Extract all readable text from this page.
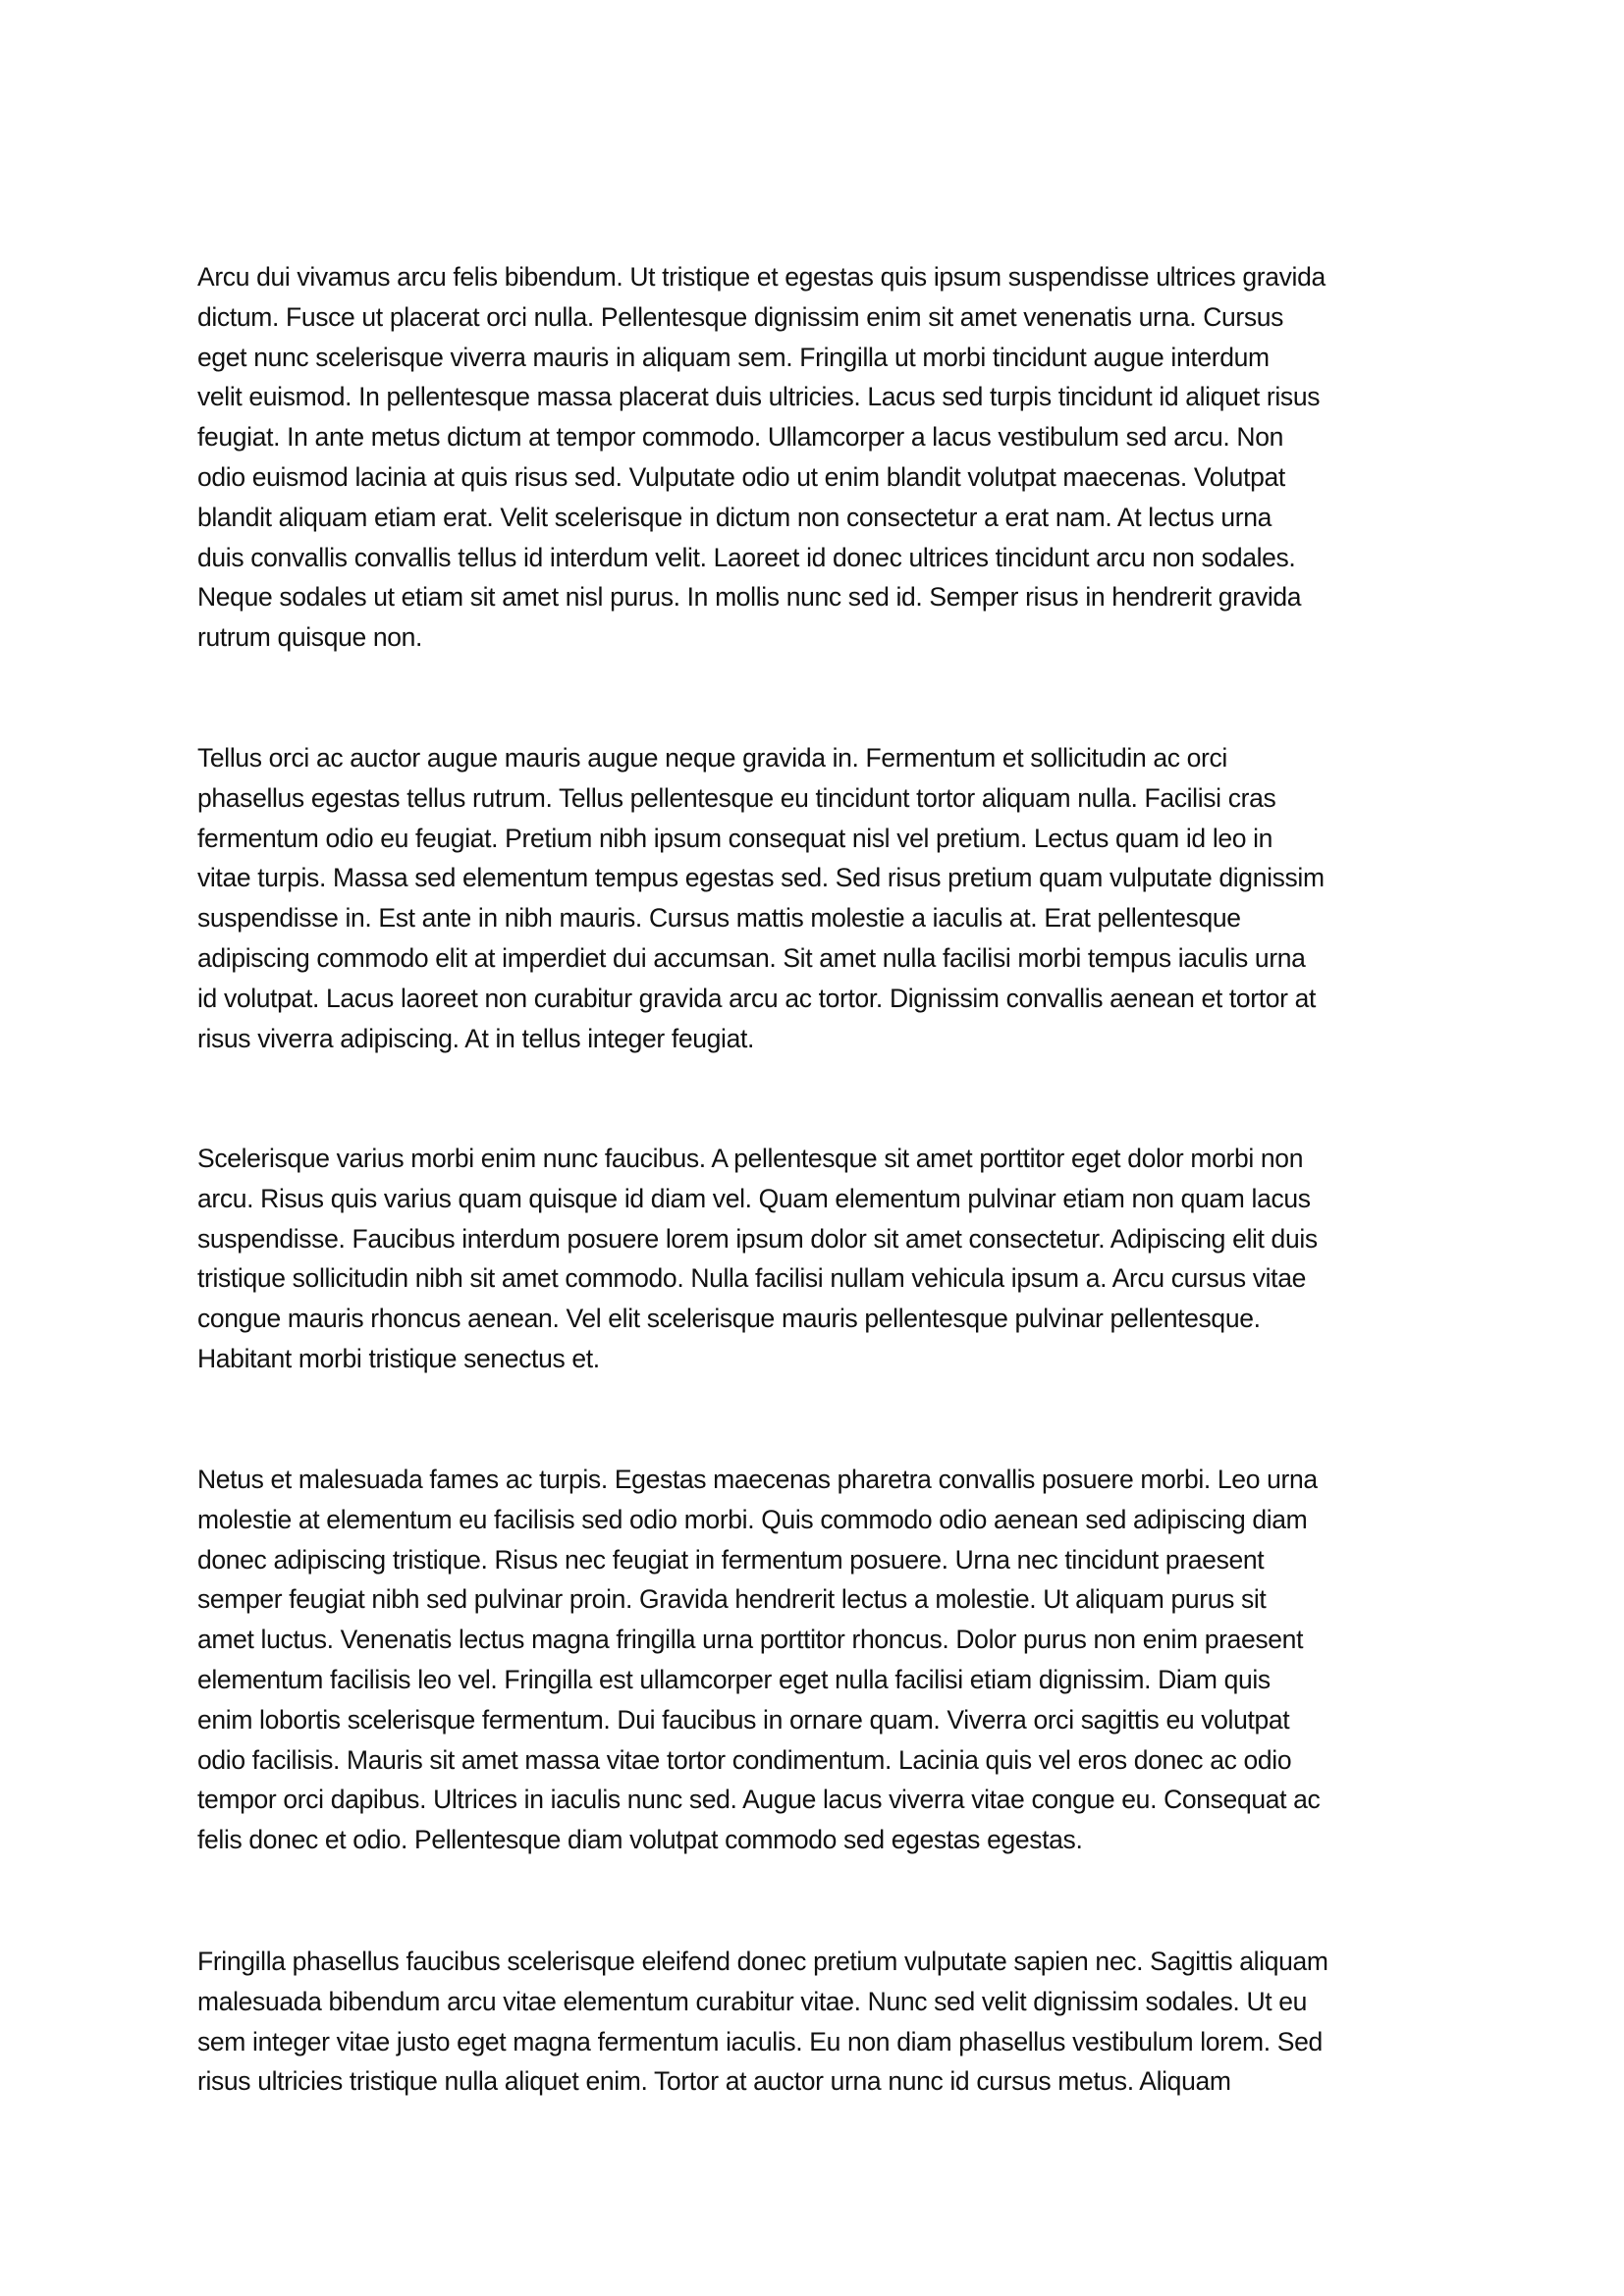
Arcu dui vivamus arcu felis bibendum. Ut tristique et egestas quis ipsum suspendisse ultrices gravida
dictum. Fusce ut placerat orci nulla. Pellentesque dignissim enim sit amet venenatis urna. Cursus
eget nunc scelerisque viverra mauris in aliquam sem. Fringilla ut morbi tincidunt augue interdum
velit euismod. In pellentesque massa placerat duis ultricies. Lacus sed turpis tincidunt id aliquet risus
feugiat. In ante metus dictum at tempor commodo. Ullamcorper a lacus vestibulum sed arcu. Non
odio euismod lacinia at quis risus sed. Vulputate odio ut enim blandit volutpat maecenas. Volutpat
blandit aliquam etiam erat. Velit scelerisque in dictum non consectetur a erat nam. At lectus urna
duis convallis convallis tellus id interdum velit. Laoreet id donec ultrices tincidunt arcu non sodales.
Neque sodales ut etiam sit amet nisl purus. In mollis nunc sed id. Semper risus in hendrerit gravida
rutrum quisque non.
Tellus orci ac auctor augue mauris augue neque gravida in. Fermentum et sollicitudin ac orci
phasellus egestas tellus rutrum. Tellus pellentesque eu tincidunt tortor aliquam nulla. Facilisi cras
fermentum odio eu feugiat. Pretium nibh ipsum consequat nisl vel pretium. Lectus quam id leo in
vitae turpis. Massa sed elementum tempus egestas sed. Sed risus pretium quam vulputate dignissim
suspendisse in. Est ante in nibh mauris. Cursus mattis molestie a iaculis at. Erat pellentesque
adipiscing commodo elit at imperdiet dui accumsan. Sit amet nulla facilisi morbi tempus iaculis urna
id volutpat. Lacus laoreet non curabitur gravida arcu ac tortor. Dignissim convallis aenean et tortor at
risus viverra adipiscing. At in tellus integer feugiat.
Scelerisque varius morbi enim nunc faucibus. A pellentesque sit amet porttitor eget dolor morbi non
arcu. Risus quis varius quam quisque id diam vel. Quam elementum pulvinar etiam non quam lacus
suspendisse. Faucibus interdum posuere lorem ipsum dolor sit amet consectetur. Adipiscing elit duis
tristique sollicitudin nibh sit amet commodo. Nulla facilisi nullam vehicula ipsum a. Arcu cursus vitae
congue mauris rhoncus aenean. Vel elit scelerisque mauris pellentesque pulvinar pellentesque.
Habitant morbi tristique senectus et.
Netus et malesuada fames ac turpis. Egestas maecenas pharetra convallis posuere morbi. Leo urna
molestie at elementum eu facilisis sed odio morbi. Quis commodo odio aenean sed adipiscing diam
donec adipiscing tristique. Risus nec feugiat in fermentum posuere. Urna nec tincidunt praesent
semper feugiat nibh sed pulvinar proin. Gravida hendrerit lectus a molestie. Ut aliquam purus sit
amet luctus. Venenatis lectus magna fringilla urna porttitor rhoncus. Dolor purus non enim praesent
elementum facilisis leo vel. Fringilla est ullamcorper eget nulla facilisi etiam dignissim. Diam quis
enim lobortis scelerisque fermentum. Dui faucibus in ornare quam. Viverra orci sagittis eu volutpat
odio facilisis. Mauris sit amet massa vitae tortor condimentum. Lacinia quis vel eros donec ac odio
tempor orci dapibus. Ultrices in iaculis nunc sed. Augue lacus viverra vitae congue eu. Consequat ac
felis donec et odio. Pellentesque diam volutpat commodo sed egestas egestas.
Fringilla phasellus faucibus scelerisque eleifend donec pretium vulputate sapien nec. Sagittis aliquam
malesuada bibendum arcu vitae elementum curabitur vitae. Nunc sed velit dignissim sodales. Ut eu
sem integer vitae justo eget magna fermentum iaculis. Eu non diam phasellus vestibulum lorem. Sed
risus ultricies tristique nulla aliquet enim. Tortor at auctor urna nunc id cursus metus. Aliquam
